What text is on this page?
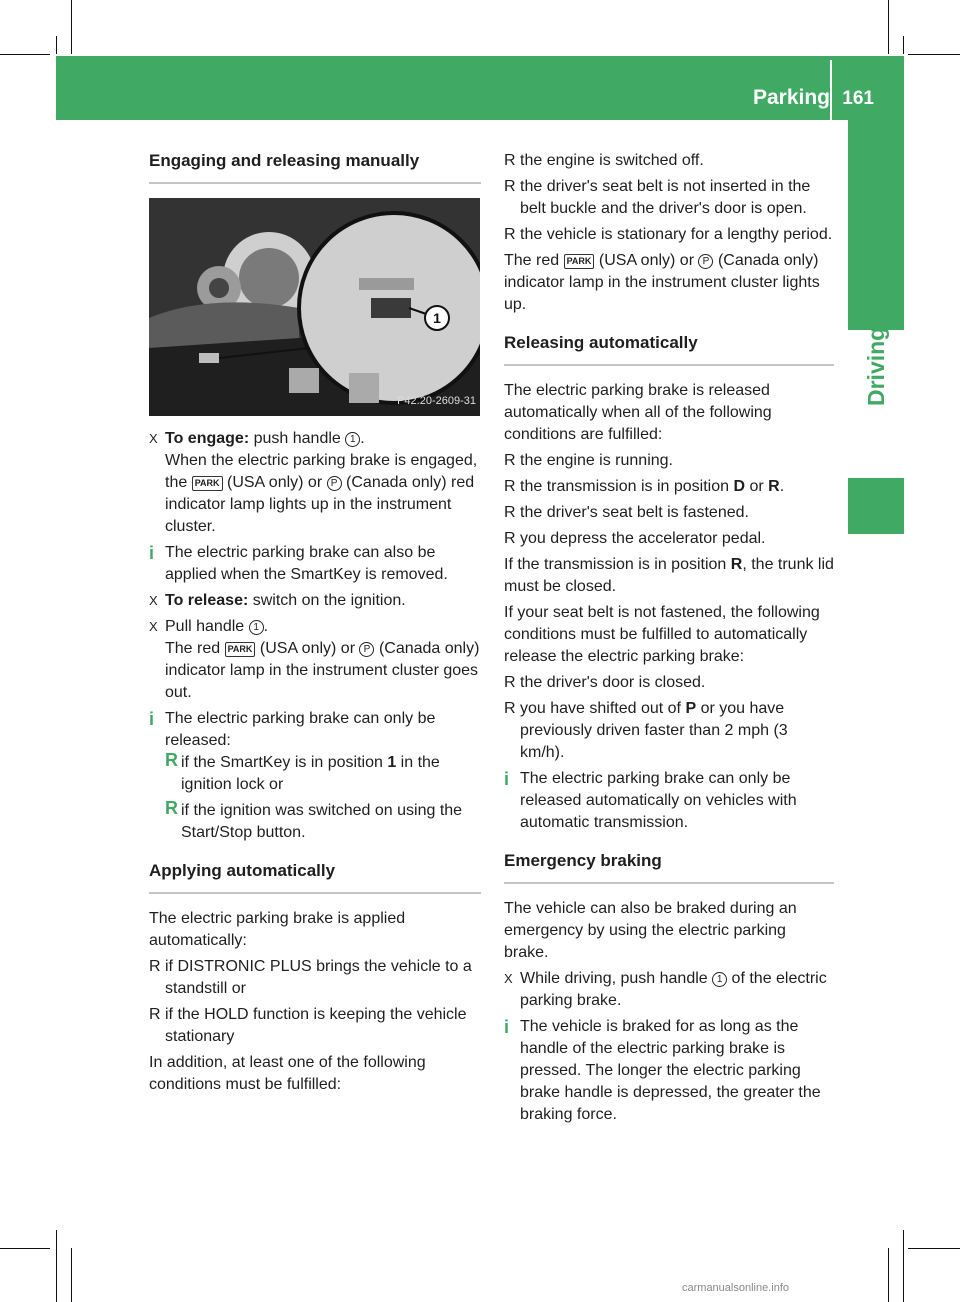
Parking 161
Engaging and releasing manually
1
P42.20-2609-31
X To engage: push handle 1 .
When the electric parking brake is engaged, the PARK (USA only) or P (Canada only) red indicator lamp lights up in the instrument cluster.
i The electric parking brake can also be applied when the SmartKey is removed.
X To release: switch on the ignition.
X Pull handle 1 .
The red PARK (USA only) or P (Canada only) indicator lamp in the instrument cluster goes out.
i The electric parking brake can only be released:
R if the SmartKey is in position 1 in the ignition lock or
R if the ignition was switched on using the Start/Stop button.
Applying automatically

The electric parking brake is applied automatically:

R if DISTRONIC PLUS brings the vehicle to a standstill or
R if the HOLD function is keeping the vehicle stationary

In addition, at least one of the following conditions must be fulfilled:

R the engine is switched off.
R the driver's seat belt is not inserted in the belt buckle and the driver's door is open.
R the vehicle is stationary for a lengthy period.

The red PARK (USA only) or P (Canada only) indicator lamp in the instrument cluster lights up.

Releasing automatically

The electric parking brake is released automatically when all of the following conditions are fulfilled:

R the engine is running.
R the transmission is in position D or R.
R the driver's seat belt is fastened.
R you depress the accelerator pedal.

If the transmission is in position R, the trunk lid must be closed.

If your seat belt is not fastened, the following conditions must be fulfilled to automatically release the electric parking brake:

R the driver's door is closed.
R you have shifted out of P or you have previously driven faster than 2 mph (3 km/h).
i The electric parking brake can only be released automatically on vehicles with automatic transmission.
Emergency braking

The vehicle can also be braked during an emergency by using the electric parking brake.

X While driving, push handle 1 of the electric parking brake.
i The vehicle is braked for as long as the handle of the electric parking brake is pressed. The longer the electric parking brake handle is depressed, the greater the braking force.
carmanualsonline.info
